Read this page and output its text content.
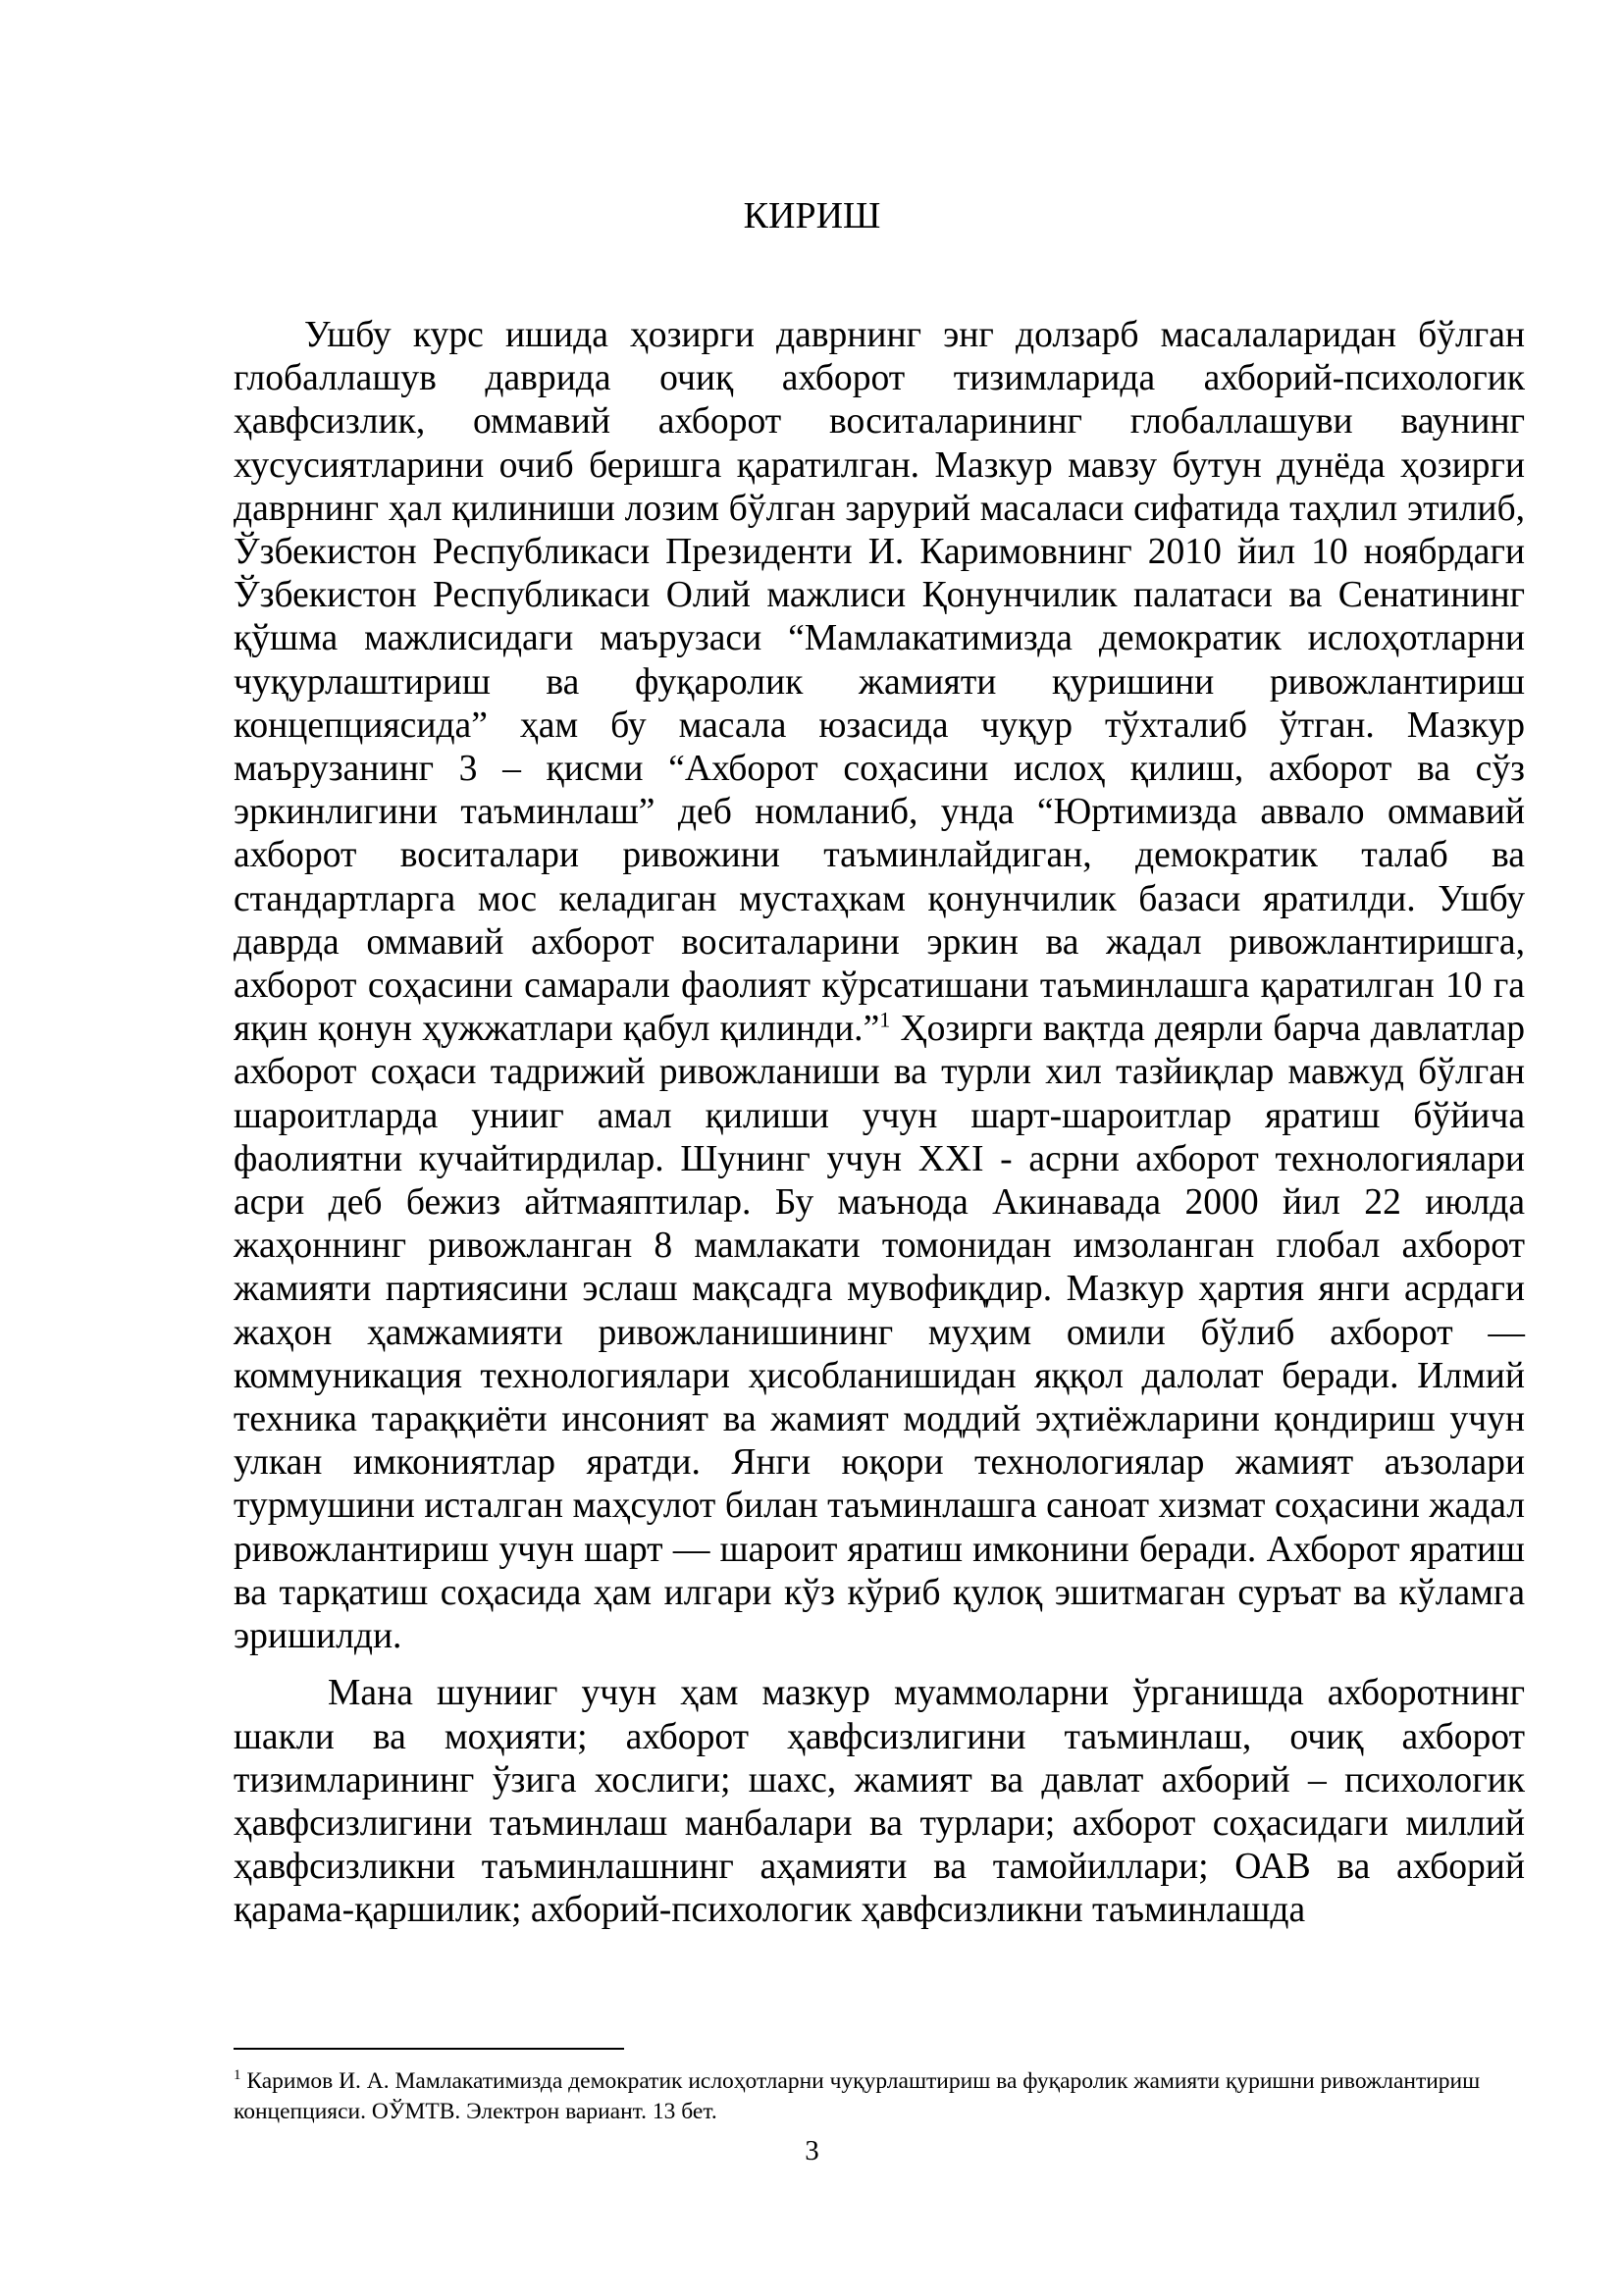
КИРИШ

Ушбу курс ишида ҳозирги даврнинг энг долзарб масалаларидан бўлган глобаллашув даврида очиқ ахборот тизимларида ахборий-психологик ҳавфсизлик, оммавий ахборот воситаларининг глобаллашуви ваунинг хусусиятларини очиб беришга қаратилган. Мазкур мавзу бутун дунёда ҳозирги даврнинг ҳал қилиниши лозим бўлган зарурий масаласи сифатида таҳлил этилиб, Ўзбекистон Республикаси Президенти И. Каримовнинг 2010 йил 10 ноябрдаги Ўзбекистон Республикаси Олий мажлиси Қонунчилик палатаси ва Сенатининг қўшма мажлисидаги маърузаси “Мамлакатимизда демократик ислоҳотларни чуқурлаштириш ва фуқаролик жамияти қуришини ривожлантириш концепциясида” ҳам бу масала юзасида чуқур тўхталиб ўтган. Мазкур маърузанинг 3 – қисми “Ахборот соҳасини ислоҳ қилиш, ахборот ва сўз эркинлигини таъминлаш” деб номланиб, унда “Юртимизда аввало оммавий ахборот воситалари ривожини таъминлайдиган, демократик талаб ва стандартларга мос келадиган мустаҳкам қонунчилик базаси яратилди. Ушбу даврда оммавий ахборот воситаларини эркин ва жадал ривожлантиришга, ахборот соҳасини самарали фаолият кўрсатишани таъминлашга қаратилган 10 га яқин қонун ҳужжатлари қабул қилинди.”$^1$ Ҳозирги вақтда деярли барча давлатлар ахборот соҳаси тадрижий ривожланиши ва турли хил тазйиқлар мавжуд бўлган шароитларда унииг амал қилиши учун шарт-шароитлар яратиш бўйича фаолиятни кучайтирдилар. Шунинг учун ХХI - асрни ахборот технологиялари асри деб бежиз айтмаяптилар. Бу маънода Акинавада 2000 йил 22 июлда жаҳоннинг ривожланган 8 мамлакати томонидан имзоланган глобал ахборот жамияти партиясини эслаш мақсадга мувофиқдир. Мазкур ҳартия янги асрдаги жаҳон ҳамжамияти ривожланишининг муҳим омили бўлиб ахборот — коммуникация технологиялари ҳисобланишидан яққол далолат беради. Илмий техника тараққиёти инсоният ва жамият моддий эҳтиёжларини қондириш учун улкан имкониятлар яратди. Янги юқори технологиялар жамият аъзолари турмушини исталган маҳсулот билан таъминлашга саноат хизмат соҳасини жадал ривожлантириш учун шарт — шароит яратиш имконини беради. Ахборот яратиш ва тарқатиш соҳасида ҳам илгари кўз кўриб қулоқ эшитмаган суръат ва кўламга эришилди.

Мана шунииг учун ҳам мазкур муаммоларни ўрганишда ахборотнинг шакли ва моҳияти; ахборот ҳавфсизлигини таъминлаш, очиқ ахборот тизимларининг ўзига хослиги; шахс, жамият ва давлат ахборий – психологик ҳавфсизлигини таъминлаш манбалари ва турлари; ахборот соҳасидаги миллий ҳавфсизликни таъминлашнинг аҳамияти ва тамойиллари; ОАВ ва ахборий қарама-қаршилик; ахборий-психологик ҳавфсизликни таъминлашда

$^1$ Каримов И. А. Мамлакатимизда демократик ислоҳотларни чуқурлаштириш ва фуқаролик жамияти қуришни ривожлантириш концепцияси. ОЎМТВ. Электрон вариант. 13 бет.
3
